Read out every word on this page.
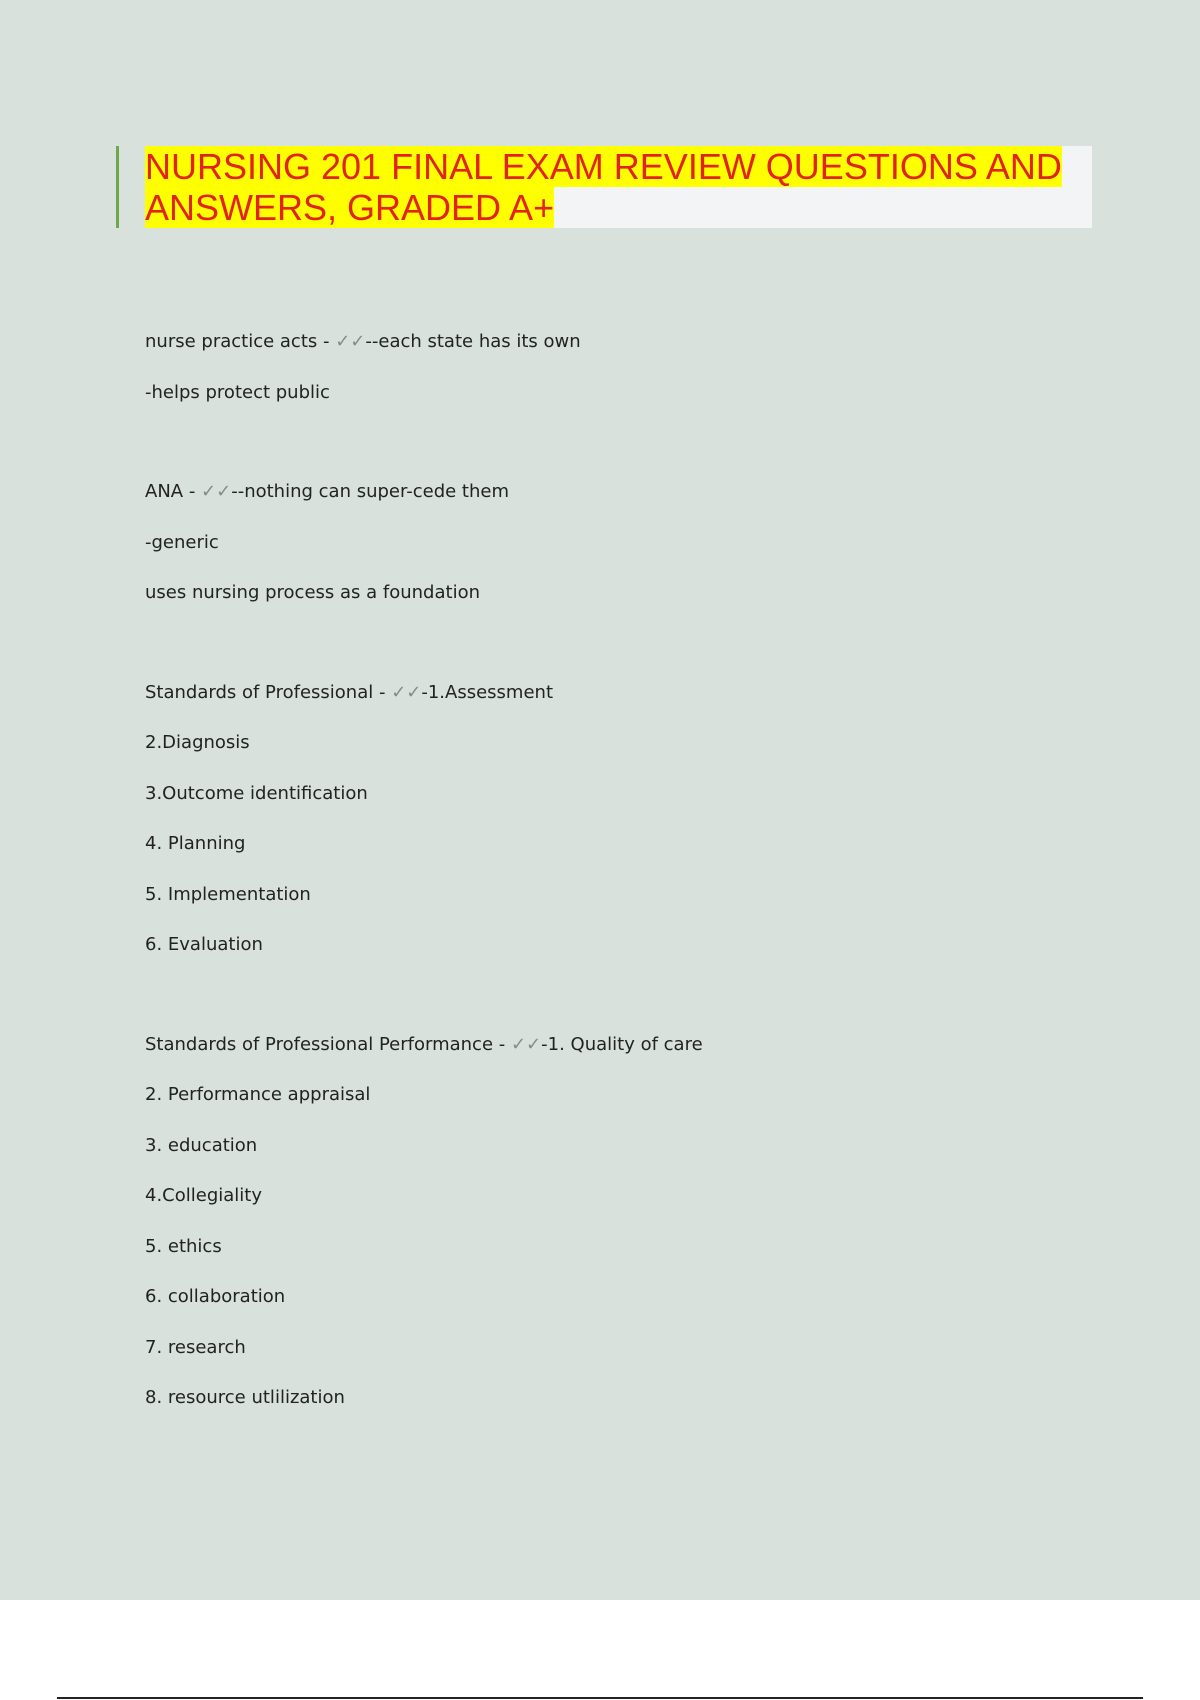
NURSING 201 FINAL EXAM REVIEW QUESTIONS AND ANSWERS, GRADED A+
nurse practice acts - ✓✓--each state has its own
-helps protect public
ANA - ✓✓--nothing can super-cede them
-generic
uses nursing process as a foundation
Standards of Professional - ✓✓-1.Assessment
2.Diagnosis
3.Outcome identification
4. Planning
5. Implementation
6. Evaluation
Standards of Professional Performance - ✓✓-1. Quality of care
2. Performance appraisal
3. education
4.Collegiality
5. ethics
6. collaboration
7. research
8. resource utlilization
